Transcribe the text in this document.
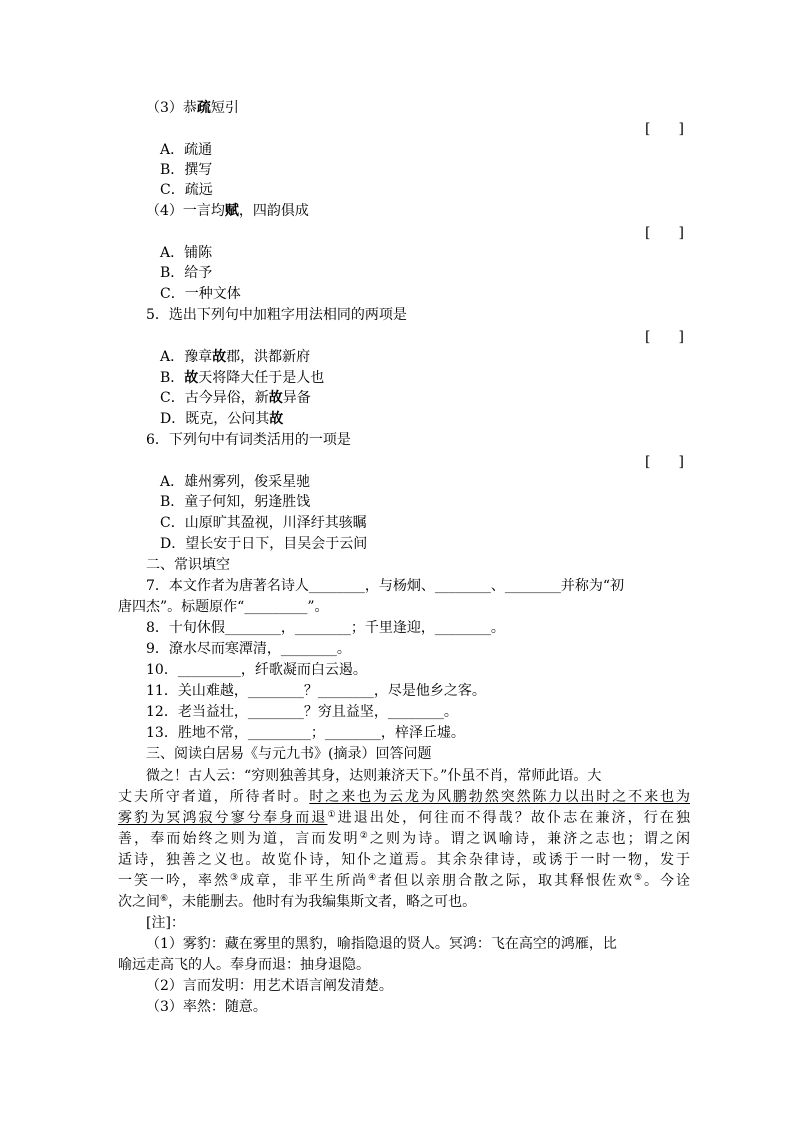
（3）恭疏短引
[　　]
A．疏通
B．撰写
C．疏远
（4）一言均赋，四韵俱成
[　　]
A．铺陈
B．给予
C．一种文体
5．选出下列句中加粗字用法相同的两项是
[　　]
A．豫章故郡，洪都新府
B．故天将降大任于是人也
C．古今异俗，新故异备
D．既克，公问其故
6．下列句中有词类活用的一项是
[　　]
A．雄州雾列，俊采星驰
B．童子何知，躬逢胜饯
C．山原旷其盈视，川泽纡其骇瞩
D．望长安于日下，目吴会于云间
二、常识填空
7．本文作者为唐著名诗人________，与杨炯、________、________并称为“初
唐四杰”。标题原作“_________”。
8．十旬休假________，________；千里逢迎，________。
9．潦水尽而寒潭清，________。
10．_________，纤歌凝而白云遏。
11．关山难越，________？________，尽是他乡之客。
12．老当益壮，________？穷且益坚，________。
13．胜地不常，_________；________，梓泽丘墟。
三、阅读白居易《与元九书》(摘录）回答问题
微之！古人云：“穷则独善其身，达则兼济天下。”仆虽不肖，常师此语。大
丈夫所守者道，所待者时。时之来也为云龙为风鹏勃然突然陈力以出时之不来也为
雾豹为冥鸿寂兮寥兮奉身而退①进退出处，何往而不得哉？故仆志在兼济，行在独
善，奉而始终之则为道，言而发明②之则为诗。谓之讽喻诗，兼济之志也；谓之闲
适诗，独善之义也。故览仆诗，知仆之道焉。其余杂律诗，或诱于一时一物，发于
一笑一吟，率然③成章，非平生所尚④者但以亲朋合散之际，取其释恨佐欢⑤。今诠
次之间⑥，未能删去。他时有为我编集斯文者，略之可也。
[注]：
（1）雾豹：藏在雾里的黑豹，喻指隐退的贤人。冥鸿：飞在高空的鸿雁，比
喻远走高飞的人。奉身而退：抽身退隐。
（2）言而发明：用艺术语言阐发清楚。
（3）率然：随意。
